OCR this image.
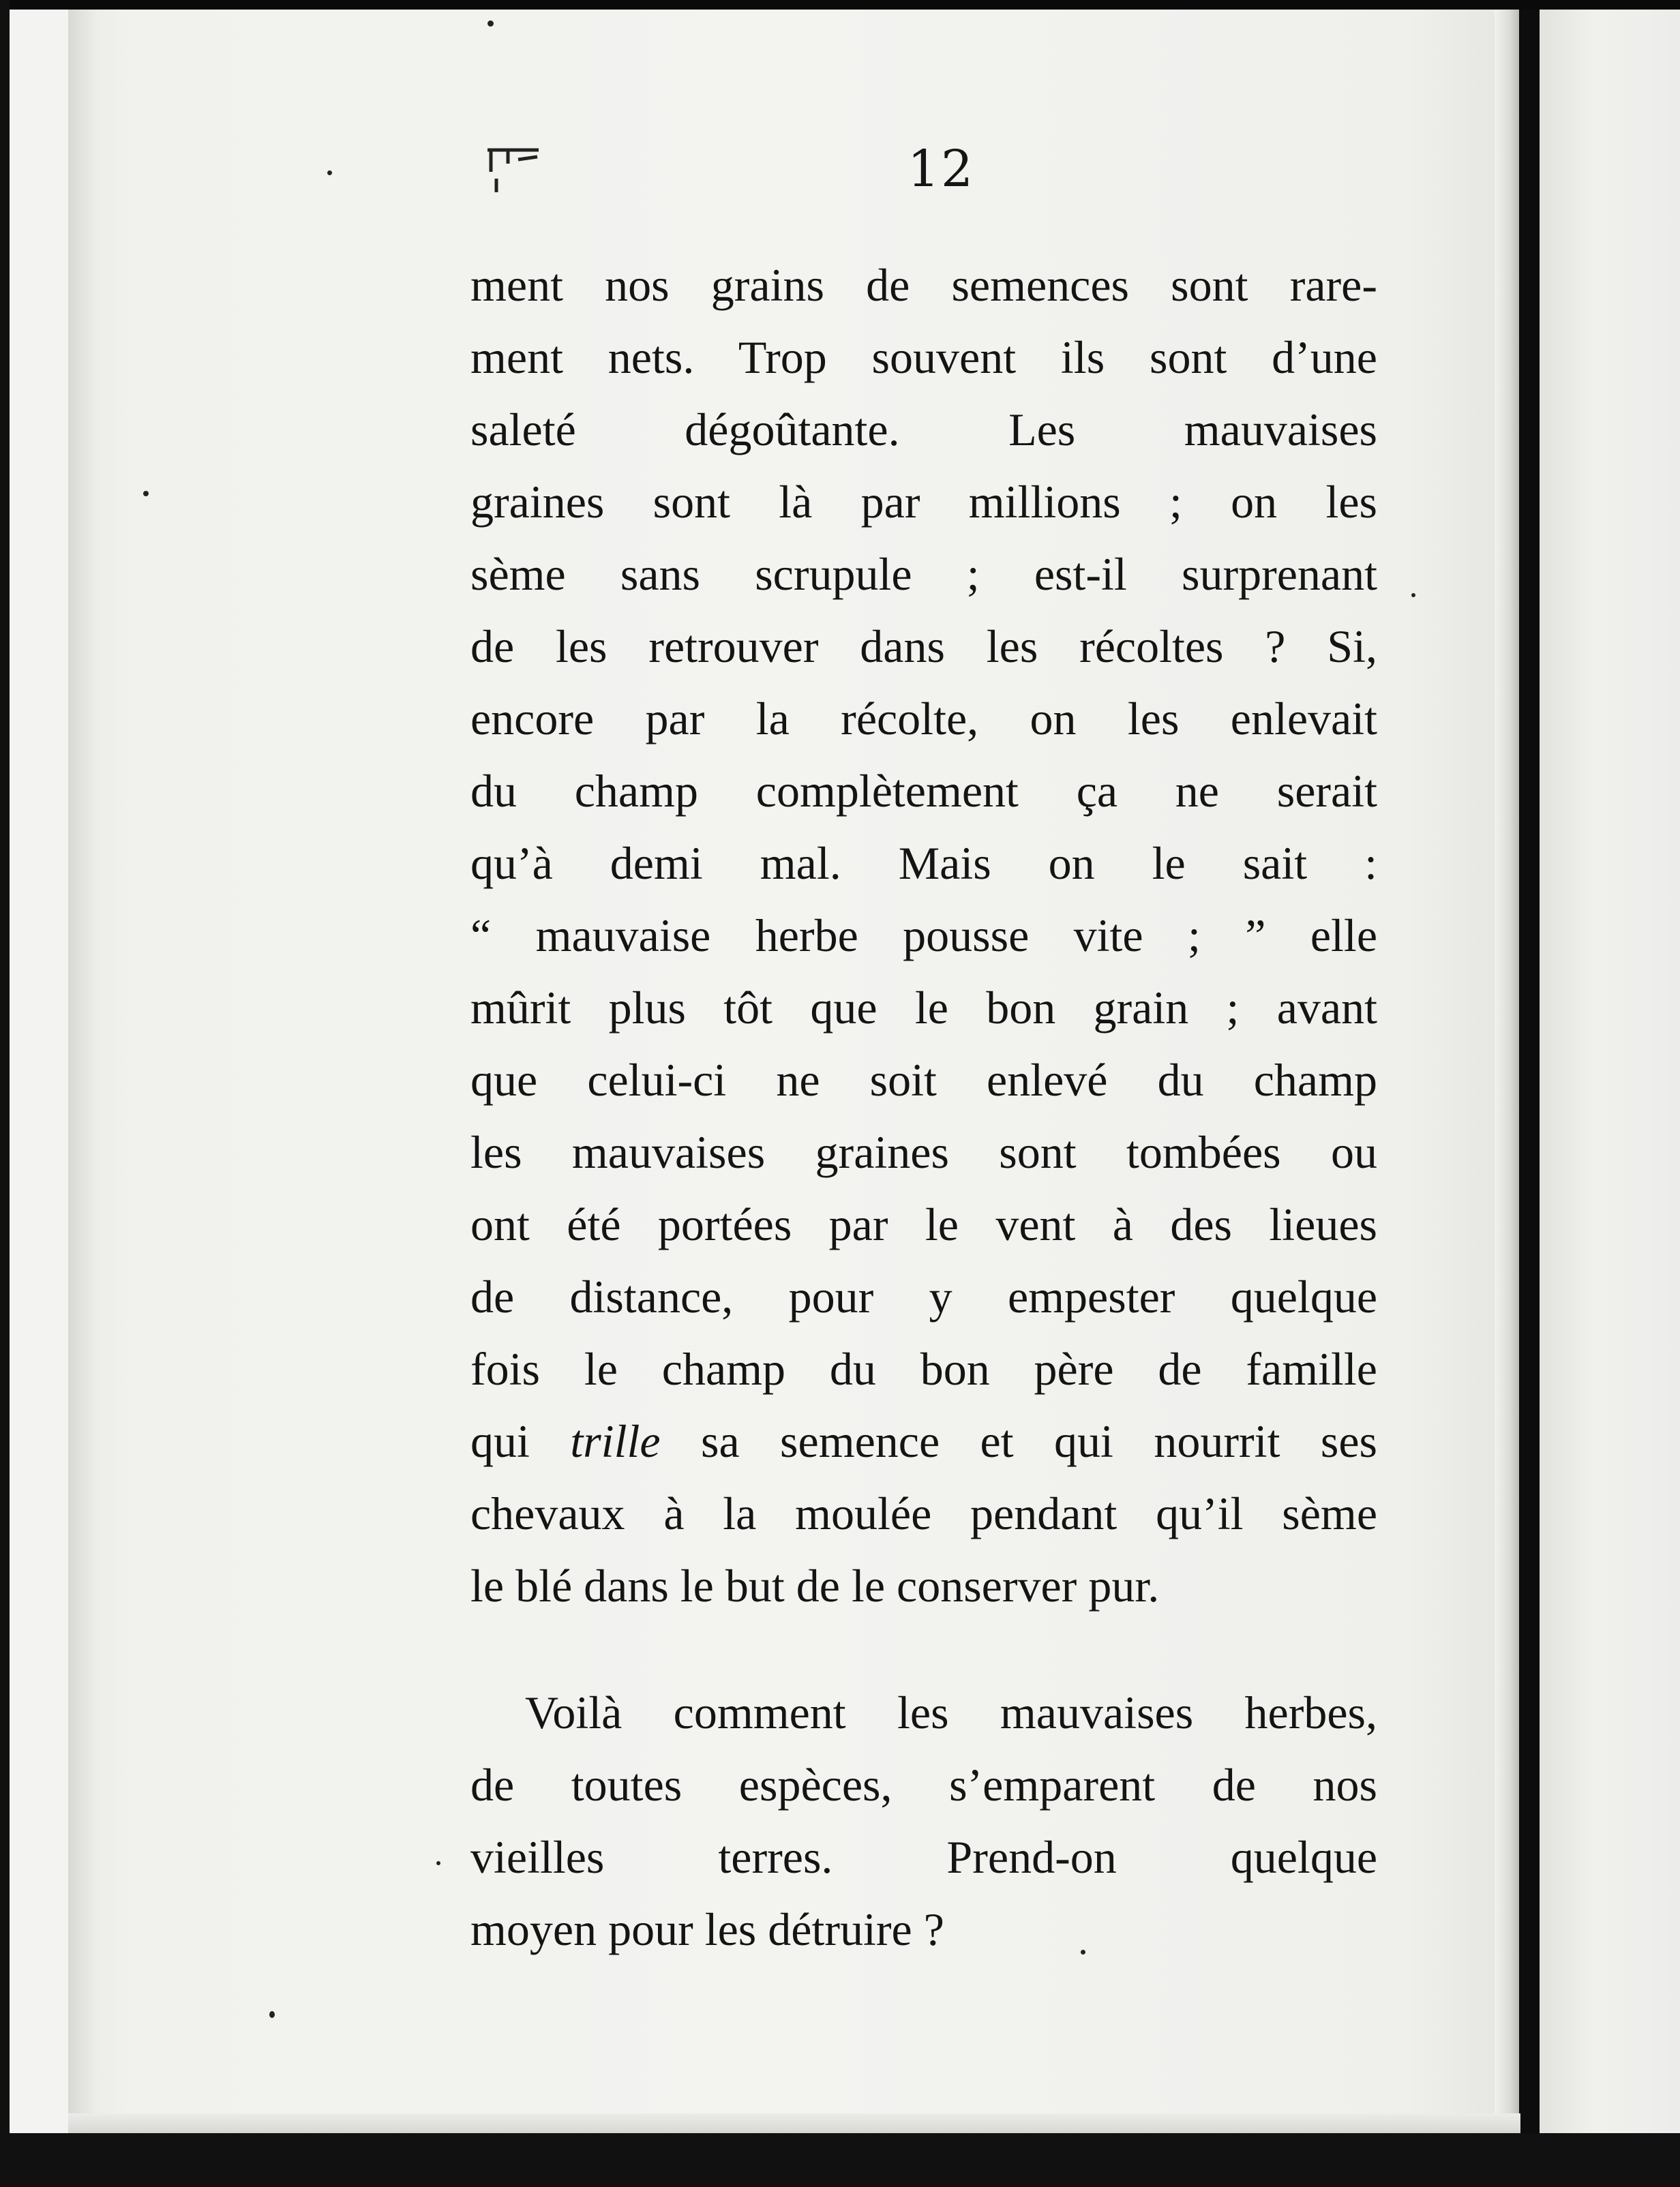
12
ment nos grains de semences sont rare-
ment nets. Trop souvent ils sont d’une
saleté dégoûtante. Les mauvaises
graines sont là par millions ; on les
sème sans scrupule ; est-il surprenant
de les retrouver dans les récoltes ? Si,
encore par la récolte, on les enlevait
du champ complètement ça ne serait
qu’à demi mal. Mais on le sait :
“ mauvaise herbe pousse vite ; ” elle
mûrit plus tôt que le bon grain ; avant
que celui-ci ne soit enlevé du champ
les mauvaises graines sont tombées ou
ont été portées par le vent à des lieues
de distance, pour y empester quelque
fois le champ du bon père de famille
qui trille sa semence et qui nourrit ses
chevaux à la moulée pendant qu’il sème
le blé dans le but de le conserver pur.
Voilà comment les mauvaises herbes,
de toutes espèces, s’emparent de nos
vieilles terres. Prend-on quelque
moyen pour les détruire ?
